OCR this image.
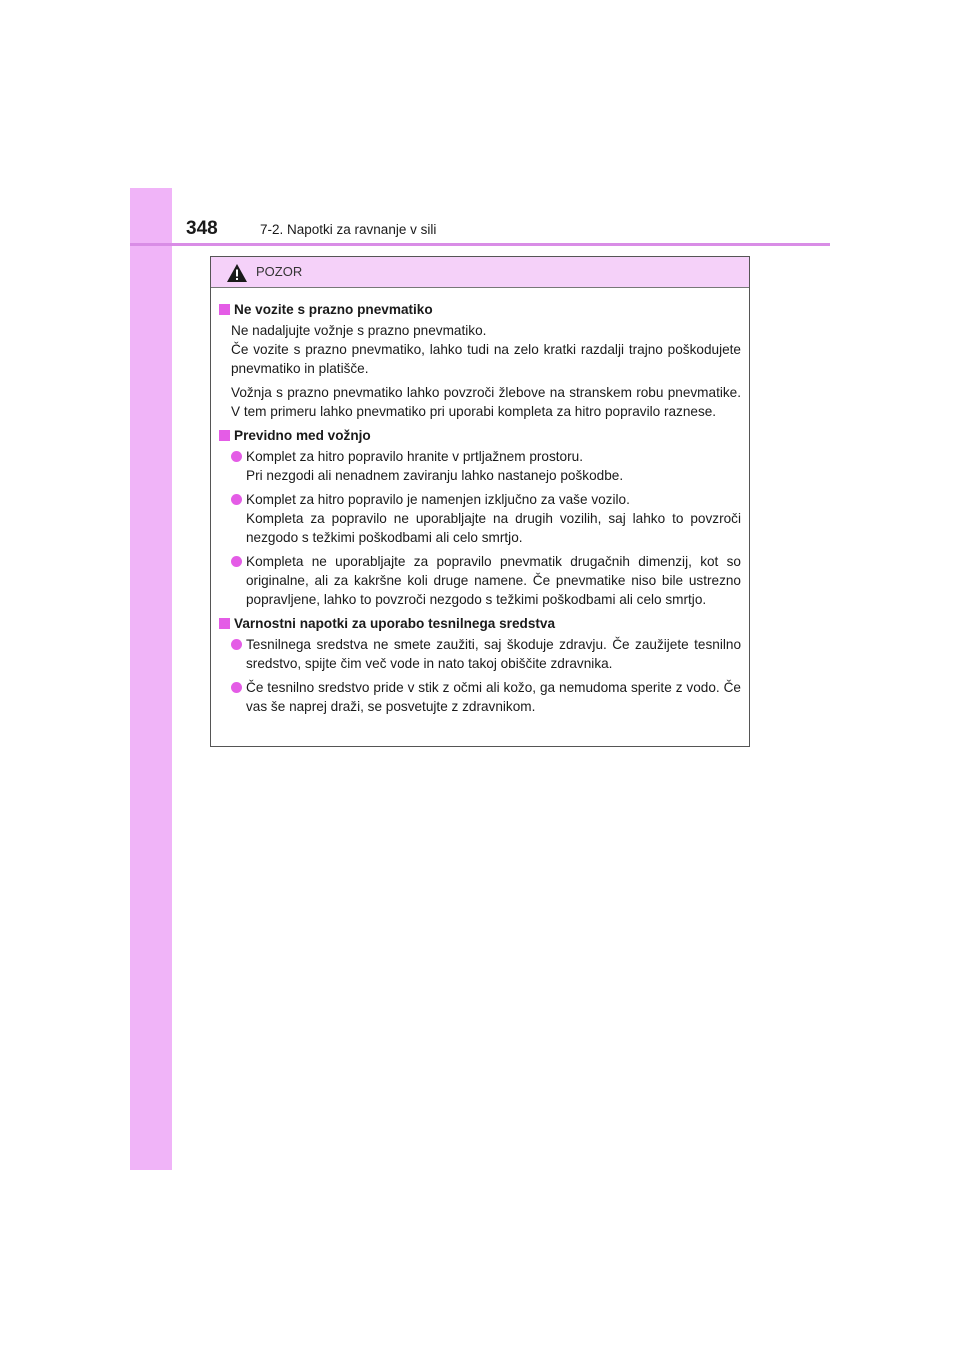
348	7-2. Napotki za ravnanje v sili
POZOR
Ne vozite s prazno pnevmatiko
Ne nadaljujte vožnje s prazno pnevmatiko.
Če vozite s prazno pnevmatiko, lahko tudi na zelo kratki razdalji trajno poškodujete pnevmatiko in platišče.
Vožnja s prazno pnevmatiko lahko povzroči žlebove na stranskem robu pnevmatike. V tem primeru lahko pnevmatiko pri uporabi kompleta za hitro popravilo raznese.
Previdno med vožnjo
Komplet za hitro popravilo hranite v prtljažnem prostoru.
Pri nezgodi ali nenadnem zaviranju lahko nastanejo poškodbe.
Komplet za hitro popravilo je namenjen izključno za vaše vozilo.
Kompleta za popravilo ne uporabljajte na drugih vozilih, saj lahko to povzroči nezgodo s težkimi poškodbami ali celo smrtjo.
Kompleta ne uporabljajte za popravilo pnevmatik drugačnih dimenzij, kot so originalne, ali za kakršne koli druge namene. Če pnevmatike niso bile ustrezno popravljene, lahko to povzroči nezgodo s težkimi poškodbami ali celo smrtjo.
Varnostni napotki za uporabo tesnilnega sredstva
Tesnilnega sredstva ne smete zaužiti, saj škoduje zdravju. Če zaužijete tesnilno sredstvo, spijte čim več vode in nato takoj obiščite zdravnika.
Če tesnilno sredstvo pride v stik z očmi ali kožo, ga nemudoma sperite z vodo. Če vas še naprej draži, se posvetujte z zdravnikom.
